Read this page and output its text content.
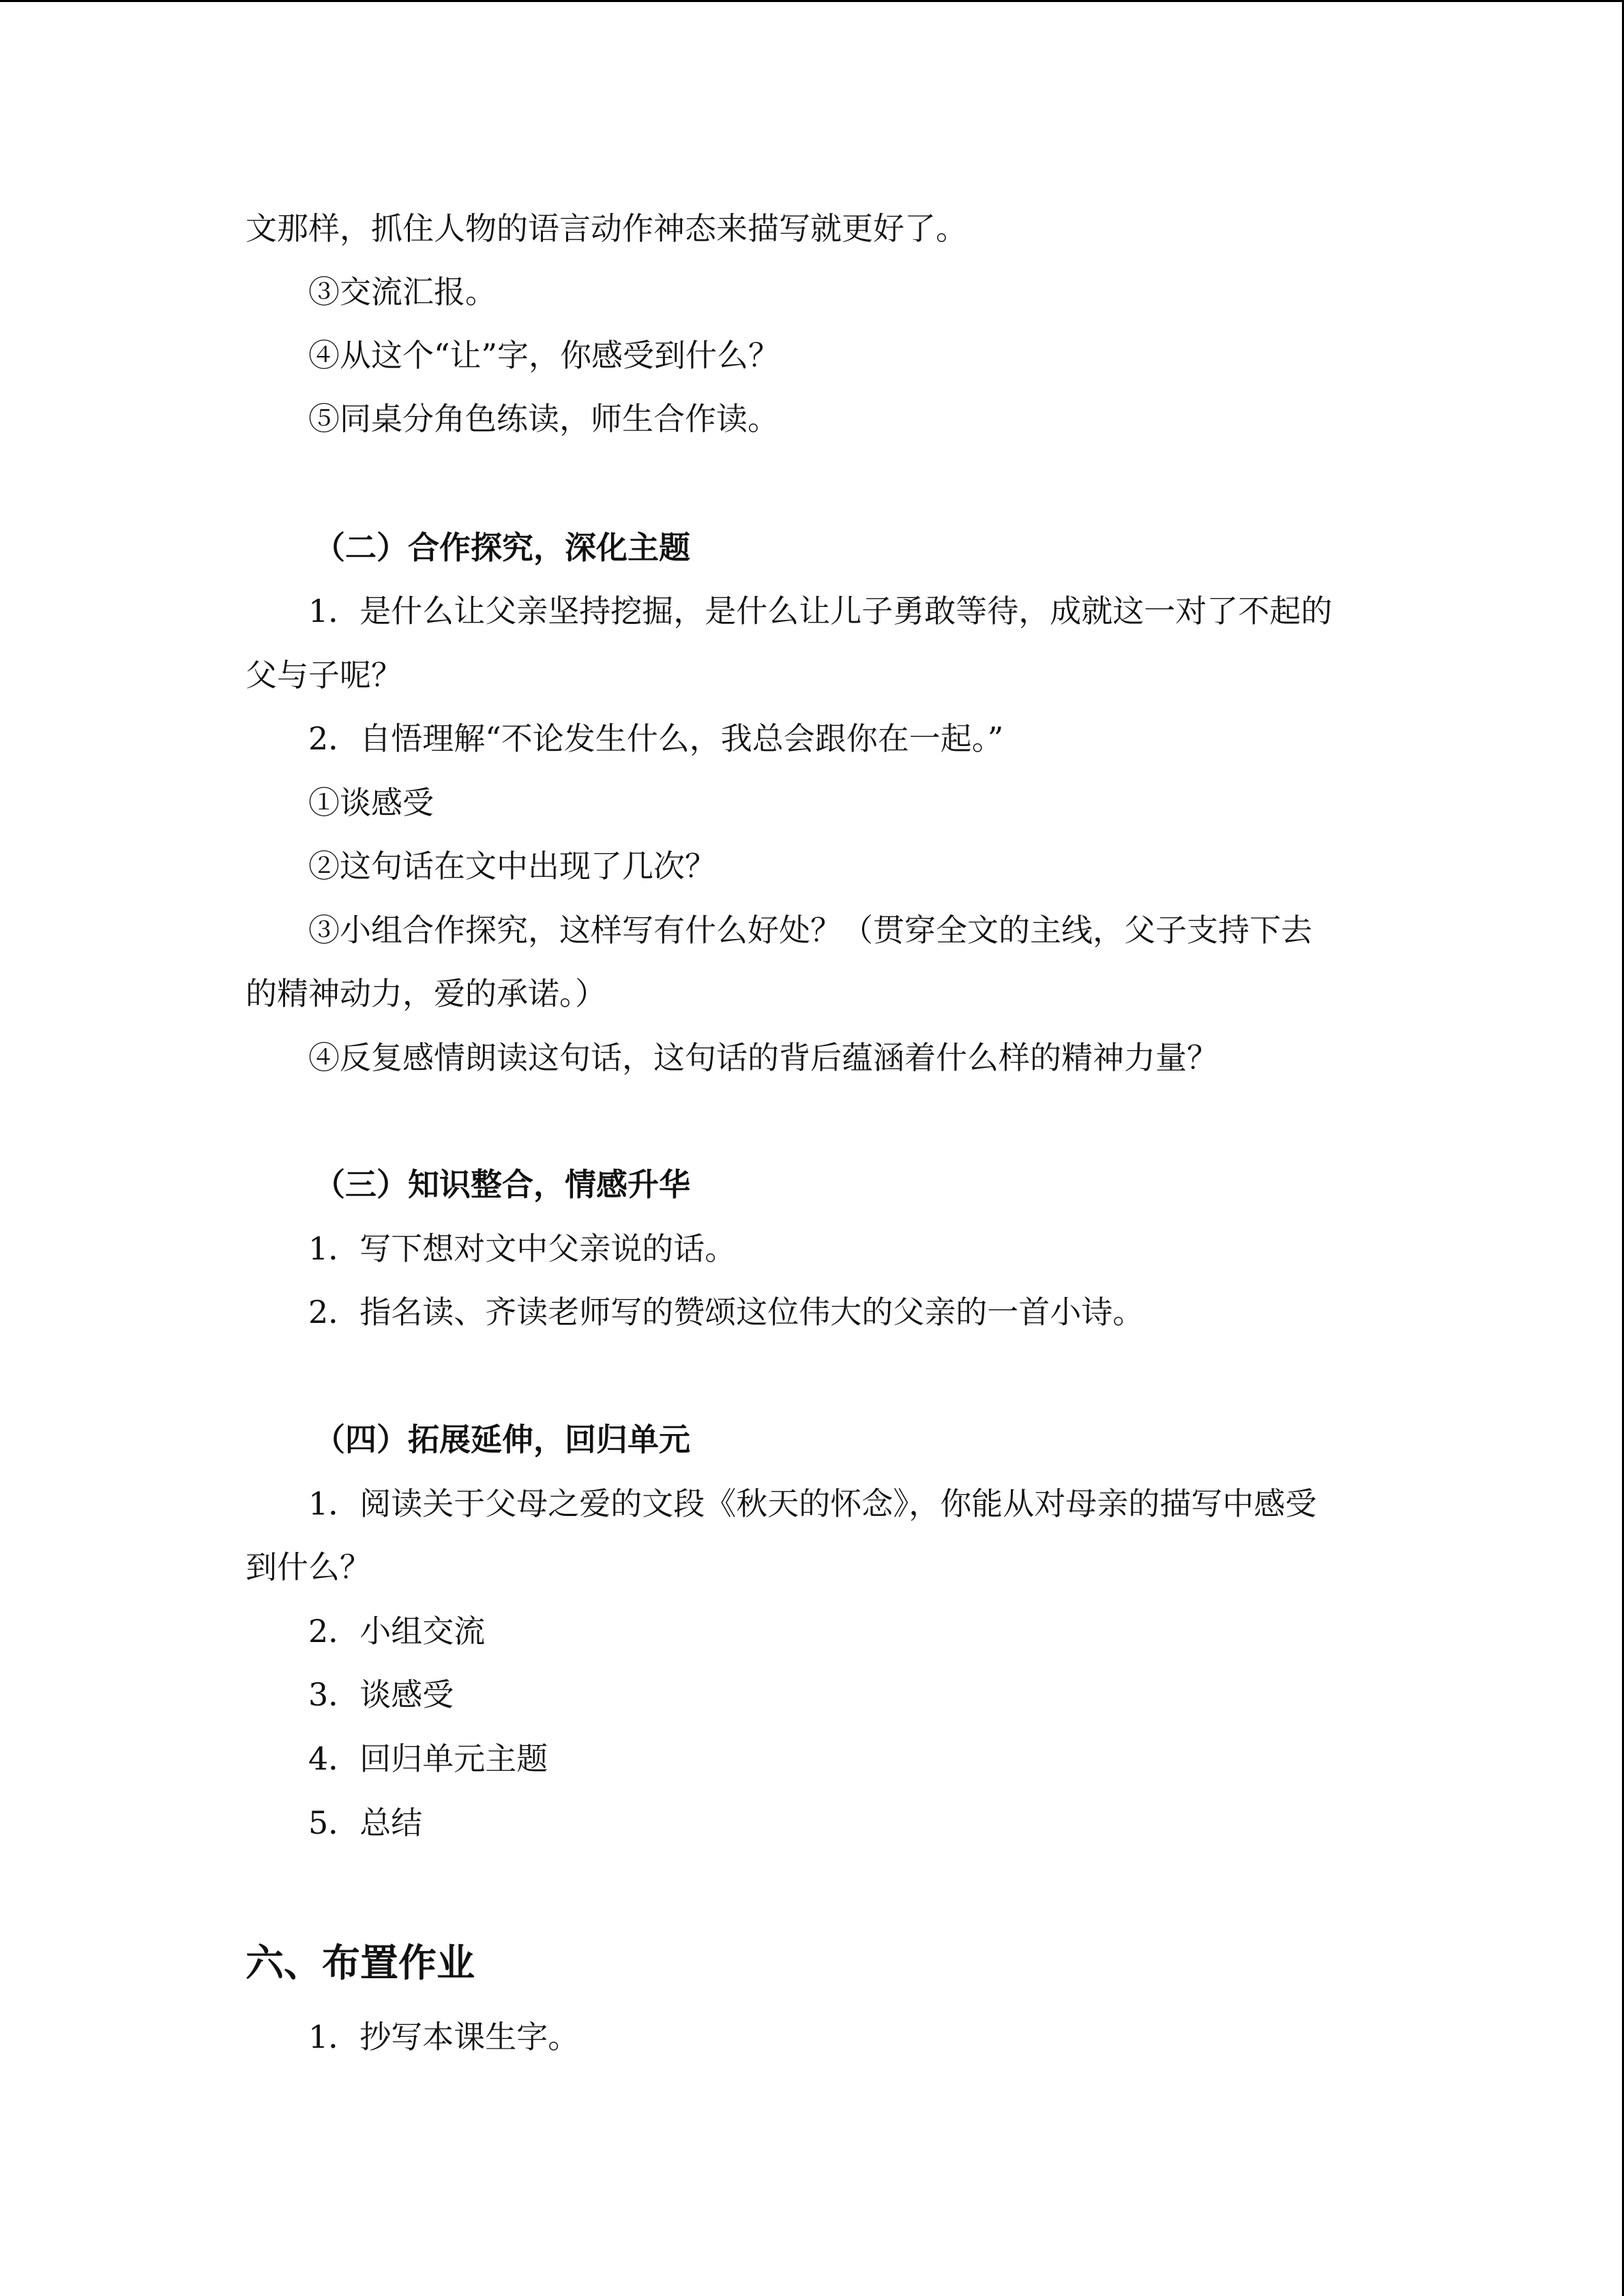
文那样，抓住人物的语言动作神态来描写就更好了。
③交流汇报。
④从这个“让”字，你感受到什么？
⑤同桌分角色练读，师生合作读。
（二）合作探究，深化主题
1．是什么让父亲坚持挖掘，是什么让儿子勇敢等待，成就这一对了不起的
父与子呢？
2．自悟理解“不论发生什么，我总会跟你在一起。”
①谈感受
②这句话在文中出现了几次？
③小组合作探究，这样写有什么好处？（贯穿全文的主线，父子支持下去
的精神动力，爱的承诺。）
④反复感情朗读这句话，这句话的背后蕴涵着什么样的精神力量？
（三）知识整合，情感升华
1．写下想对文中父亲说的话。
2．指名读、齐读老师写的赞颂这位伟大的父亲的一首小诗。
（四）拓展延伸，回归单元
1．阅读关于父母之爱的文段《秋天的怀念》，你能从对母亲的描写中感受
到什么？
2．小组交流
3．谈感受
4．回归单元主题
5．总结
六、布置作业
1．抄写本课生字。
